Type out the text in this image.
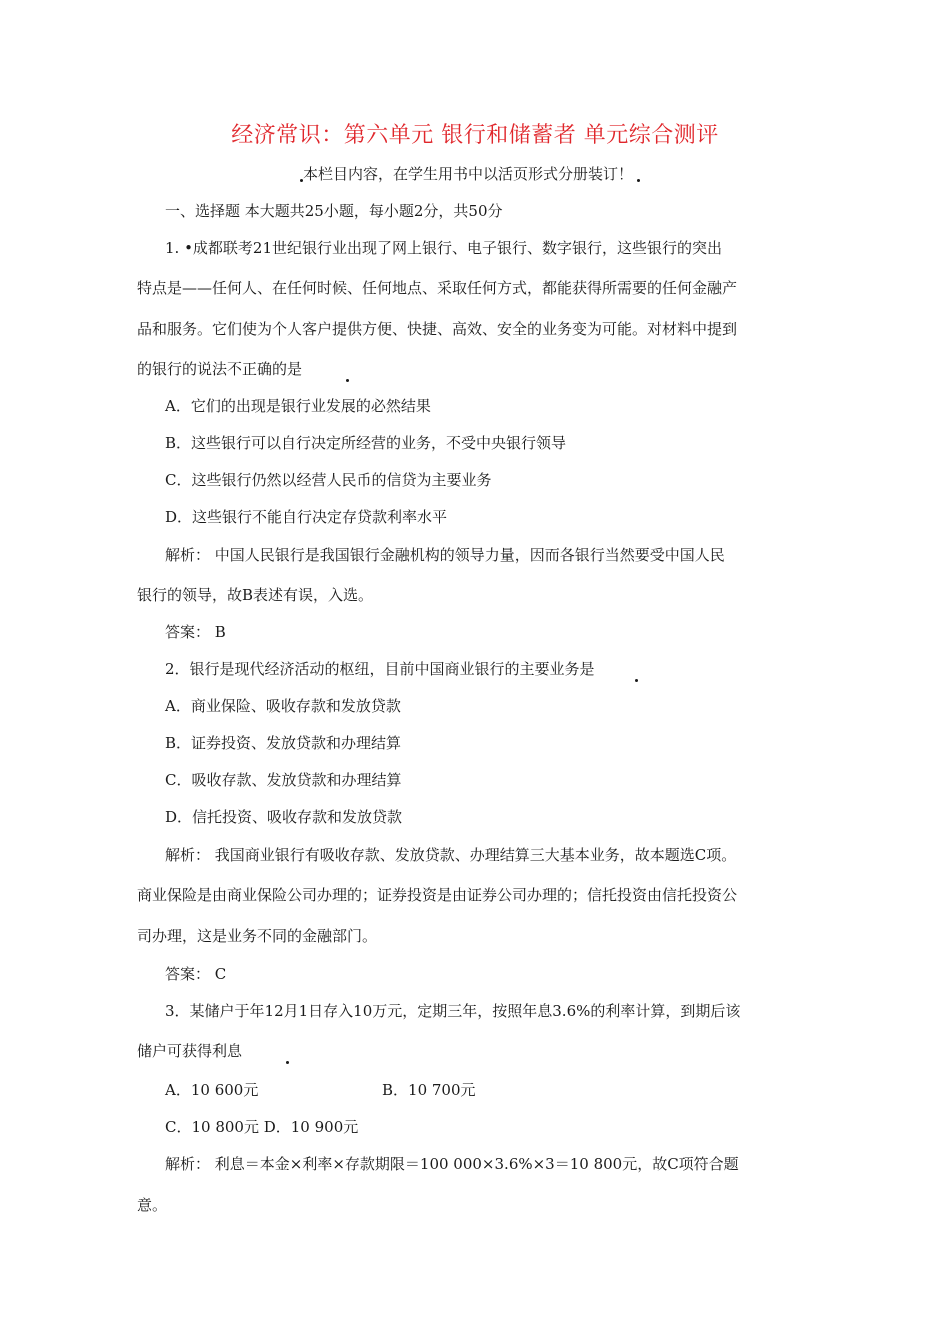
经济常识：第六单元 银行和储蓄者 单元综合测评
本栏目内容，在学生用书中以活页形式分册装订！
一、选择题 本大题共25小题，每小题2分，共50分
1. •成都联考21世纪银行业出现了网上银行、电子银行、数字银行，这些银行的突出
特点是——任何人、在任何时候、任何地点、采取任何方式，都能获得所需要的任何金融产
品和服务。它们使为个人客户提供方便、快捷、高效、安全的业务变为可能。对材料中提到
的银行的说法不正确的是
A．它们的出现是银行业发展的必然结果
B．这些银行可以自行决定所经营的业务，不受中央银行领导
C．这些银行仍然以经营人民币的信贷为主要业务
D．这些银行不能自行决定存贷款利率水平
解析： 中国人民银行是我国银行金融机构的领导力量，因而各银行当然要受中国人民
银行的领导，故B表述有误，入选。
答案： B
2．银行是现代经济活动的枢纽，目前中国商业银行的主要业务是
A．商业保险、吸收存款和发放贷款
B．证券投资、发放贷款和办理结算
C．吸收存款、发放贷款和办理结算
D．信托投资、吸收存款和发放贷款
解析： 我国商业银行有吸收存款、发放贷款、办理结算三大基本业务，故本题选C项。
商业保险是由商业保险公司办理的；证券投资是由证券公司办理的；信托投资由信托投资公
司办理，这是业务不同的金融部门。
答案： C
3．某储户于年12月1日存入10万元，定期三年，按照年息3.6%的利率计算，到期后该
储户可获得利息
A．10 600元	B．10 700元
C．10 800元 D．10 900元
解析： 利息＝本金×利率×存款期限＝100 000×3.6%×3＝10 800元，故C项符合题
意。
